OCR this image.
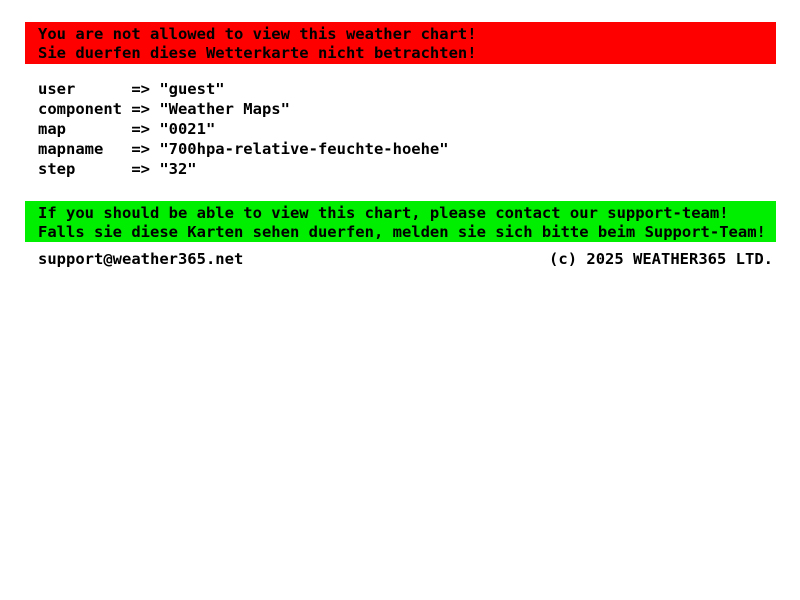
You are not allowed to view this weather chart!
Sie duerfen diese Wetterkarte nicht betrachten!
user	=> "guest"
component => "Weather Maps"
map	=> "0021"
mapname => "700hpa-relative-feuchte-hoehe"
step	=> "32"
If you should be able to view this chart, please contact our support-team!
Falls sie diese Karten sehen duerfen, melden sie sich bitte beim Support-Team!
support@weather365.net	(c) 2025 WEATHER365 LTD.
